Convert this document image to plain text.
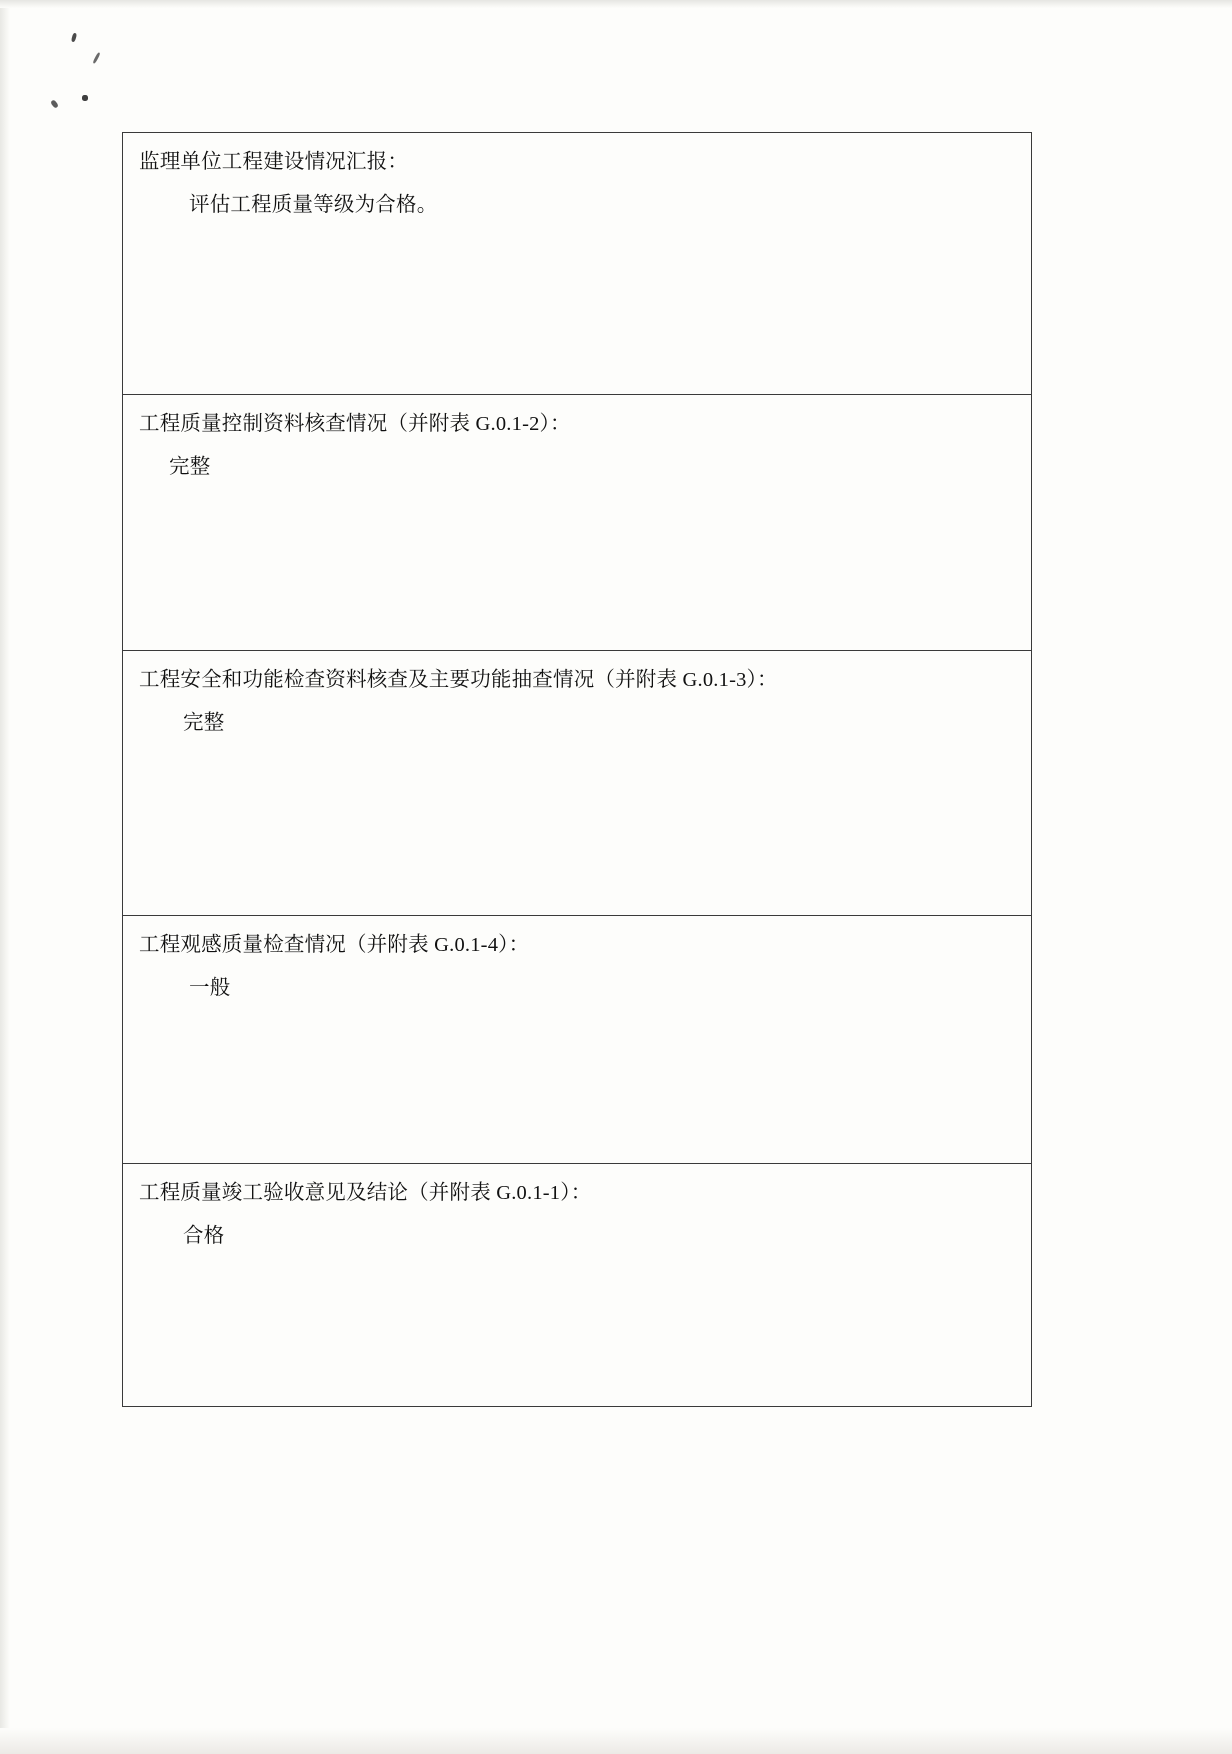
监理单位工程建设情况汇报：
评估工程质量等级为合格。
工程质量控制资料核查情况（并附表 G.0.1-2）：
完整
工程安全和功能检查资料核查及主要功能抽查情况（并附表 G.0.1-3）：
完整
工程观感质量检查情况（并附表 G.0.1-4）：
一般
工程质量竣工验收意见及结论（并附表 G.0.1-1）：
合格
